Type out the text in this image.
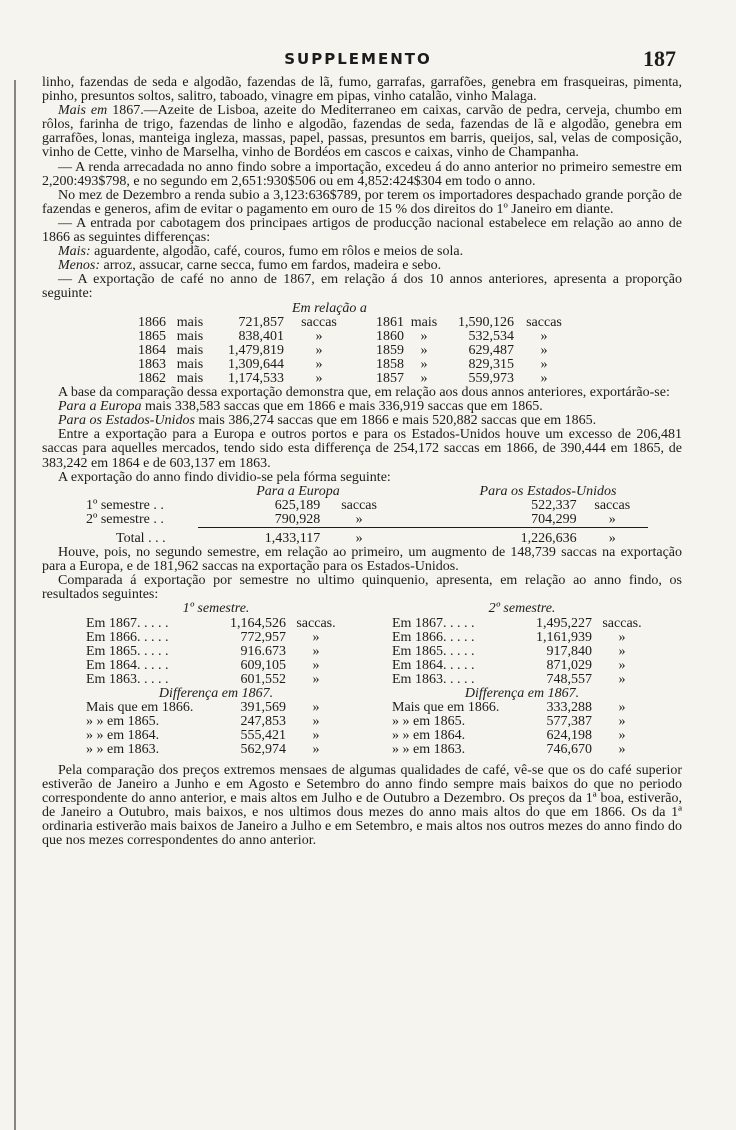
SUPPLEMENTO	187

linho, fazendas de seda e algodão, fazendas de lã, fumo, garrafas, garrafões, genebra em frasqueiras, pimenta, pinho, presuntos soltos, salitro, taboado, vinagre em pipas, vinho catalão, vinho Malaga.

Mais em 1867.—Azeite de Lisboa, azeite do Mediterraneo em caixas, carvão de pedra, cerveja, chumbo em rôlos, farinha de trigo, fazendas de linho e algodão, fazendas de seda, fazendas de lã e algodão, genebra em garrafões, lonas, manteiga ingleza, massas, papel, passas, presuntos em barris, queijos, sal, velas de composição, vinho de Cette, vinho de Marselha, vinho de Bordéos em cascos e caixas, vinho de Champanha.

— A renda arrecadada no anno findo sobre a importação, excedeu á do anno anterior no primeiro semestre em 2,200:493$798, e no segundo em 2,651:930$506 ou em 4,852:424$304 em todo o anno.

No mez de Dezembro a renda subio a 3,123:636$789, por terem os importadores despachado grande porção de fazendas e generos, afim de evitar o pagamento em ouro de 15 % dos direitos do 1º Janeiro em diante.

— A entrada por cabotagem dos principaes artigos de producção nacional estabelece em relação ao anno de 1866 as seguintes differenças:

Mais: aguardente, algodão, café, couros, fumo em rôlos e meios de sola.

Menos: arroz, assucar, carne secca, fumo em fardos, madeira e sebo.

— A exportação de café no anno de 1867, em relação á dos 10 annos anteriores, apresenta a proporção seguinte:

Em relação a							
1866	mais	721,857	saccas	1861	mais	1,590,126	saccas
1865	mais	838,401	»	1860	»	532,534	»
1864	mais	1,479,819	»	1859	»	629,487	»
1863	mais	1,309,644	»	1858	»	829,315	»
1862	mais	1,174,533	»	1857	»	559,973	»

A base da comparação dessa exportação demonstra que, em relação aos dous annos anteriores, exportárão-se:

Para a Europa mais 338,583 saccas que em 1866 e mais 336,919 saccas que em 1865.

Para os Estados-Unidos mais 386,274 saccas que em 1866 e mais 520,882 saccas que em 1865.

Entre a exportação para a Europa e outros portos e para os Estados-Unidos houve um excesso de 206,481 saccas para aquelles mercados, tendo sido esta differença de 254,172 saccas em 1866, de 390,444 em 1865, de 383,242 em 1864 e de 603,137 em 1863.

A exportação do anno findo dividio-se pela fórma seguinte:

	Para a Europa		Para os Estados-Unidos	
1º semestre . .	625,189	saccas	522,337	saccas
2º semestre . .	790,928	»	704,299	»
Total . . .	1,433,117	»	1,226,636	»

Houve, pois, no segundo semestre, em relação ao primeiro, um augmento de 148,739 saccas na exportação para a Europa, e de 181,962 saccas na exportação para os Estados-Unidos.

Comparada á exportação por semestre no ultimo quinquenio, apresenta, em relação ao anno findo, os resultados seguintes:

1º semestre.		
Em 1867. . . . .	1,164,526	saccas.
Em 1866. . . . .	772,957	»
Em 1865. . . . .	916.673	»
Em 1864. . . . .	609,105	»
Em 1863. . . . .	601,552	»
Differença em 1867.		
Mais que em 1866.	391,569	»
» » em 1865.	247,853	»
» » em 1864.	555,421	»
» » em 1863.	562,974	»
2º semestre.		
Em 1867. . . . .	1,495,227	saccas.
Em 1866. . . . .	1,161,939	»
Em 1865. . . . .	917,840	»
Em 1864. . . . .	871,029	»
Em 1863. . . . .	748,557	»
Differença em 1867.		
Mais que em 1866.	333,288	»
» » em 1865.	577,387	»
» » em 1864.	624,198	»
» » em 1863.	746,670	»

Pela comparação dos preços extremos mensaes de algumas qualidades de café, vê-se que os do café superior estiverão de Janeiro a Junho e em Agosto e Setembro do anno findo sempre mais baixos do que no periodo correspondente do anno anterior, e mais altos em Julho e de Outubro a Dezembro. Os preços da 1ª boa, estiverão, de Janeiro a Outubro, mais baixos, e nos ultimos dous mezes do anno mais altos do que em 1866. Os da 1ª ordinaria estiverão mais baixos de Janeiro a Julho e em Setembro, e mais altos nos outros mezes do anno findo do que nos mezes correspondentes do anno anterior.
